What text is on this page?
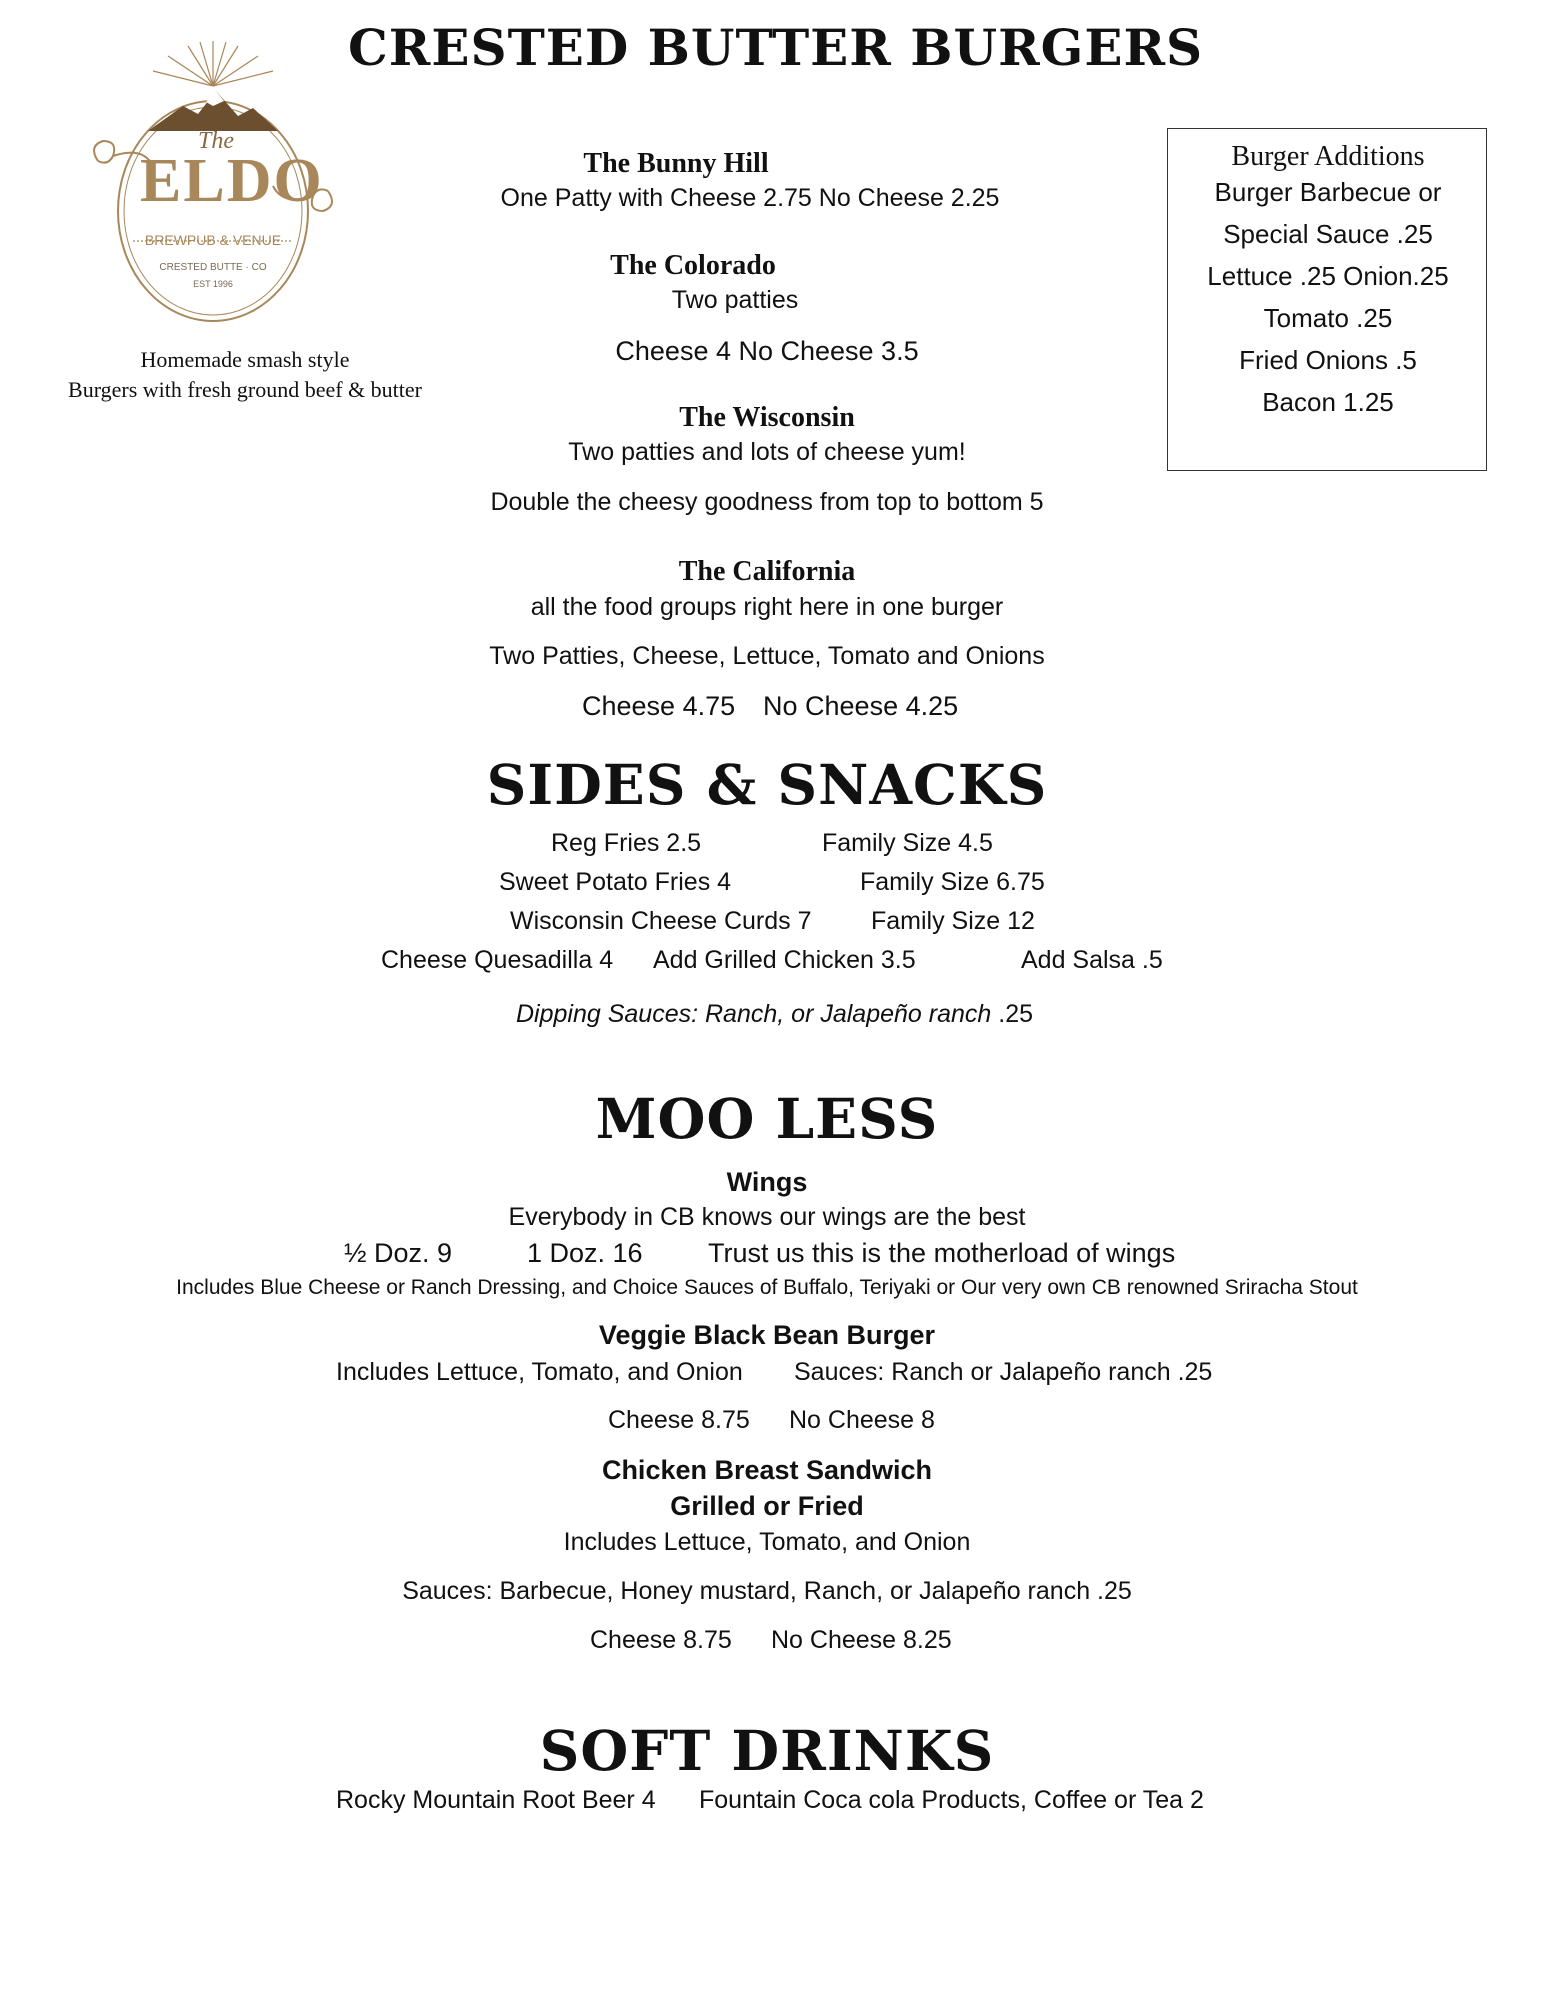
CRESTED BUTTER BURGERS
The
ELDO
BREWPUB & VENUE
CRESTED BUTTE · CO
EST 1996
Homemade smash style
Burgers with fresh ground beef & butter
The Bunny Hill
One Patty with Cheese 2.75 No Cheese 2.25
The Colorado
Two patties
Cheese 4 No Cheese 3.5
The Wisconsin
Two patties and lots of cheese yum!
Double the cheesy goodness from top to bottom 5
The California
all the food groups right here in one burger
Two Patties, Cheese, Lettuce, Tomato and Onions
Cheese 4.75 No Cheese 4.25
Burger Additions
Burger Barbecue or
Special Sauce .25
Lettuce .25 Onion.25
Tomato .25
Fried Onions .5
Bacon 1.25
SIDES & SNACKS
Reg Fries 2.5	Family Size 4.5
Sweet Potato Fries 4	Family Size 6.75
Wisconsin Cheese Curds 7 Family Size 12
Cheese Quesadilla 4 Add Grilled Chicken 3.5	Add Salsa .5
Dipping Sauces: Ranch, or Jalapeño ranch .25
MOO LESS
Wings
Everybody in CB knows our wings are the best
½ Doz. 9	1 Doz. 16 Trust us this is the motherload of wings
Includes Blue Cheese or Ranch Dressing, and Choice Sauces of Buffalo, Teriyaki or Our very own CB renowned Sriracha Stout
Veggie Black Bean Burger
Includes Lettuce, Tomato, and Onion Sauces: Ranch or Jalapeño ranch .25
Cheese 8.75 No Cheese 8
Chicken Breast Sandwich
Grilled or Fried
Includes Lettuce, Tomato, and Onion
Sauces: Barbecue, Honey mustard, Ranch, or Jalapeño ranch .25
Cheese 8.75 No Cheese 8.25
SOFT DRINKS
Rocky Mountain Root Beer 4 Fountain Coca cola Products, Coffee or Tea 2
